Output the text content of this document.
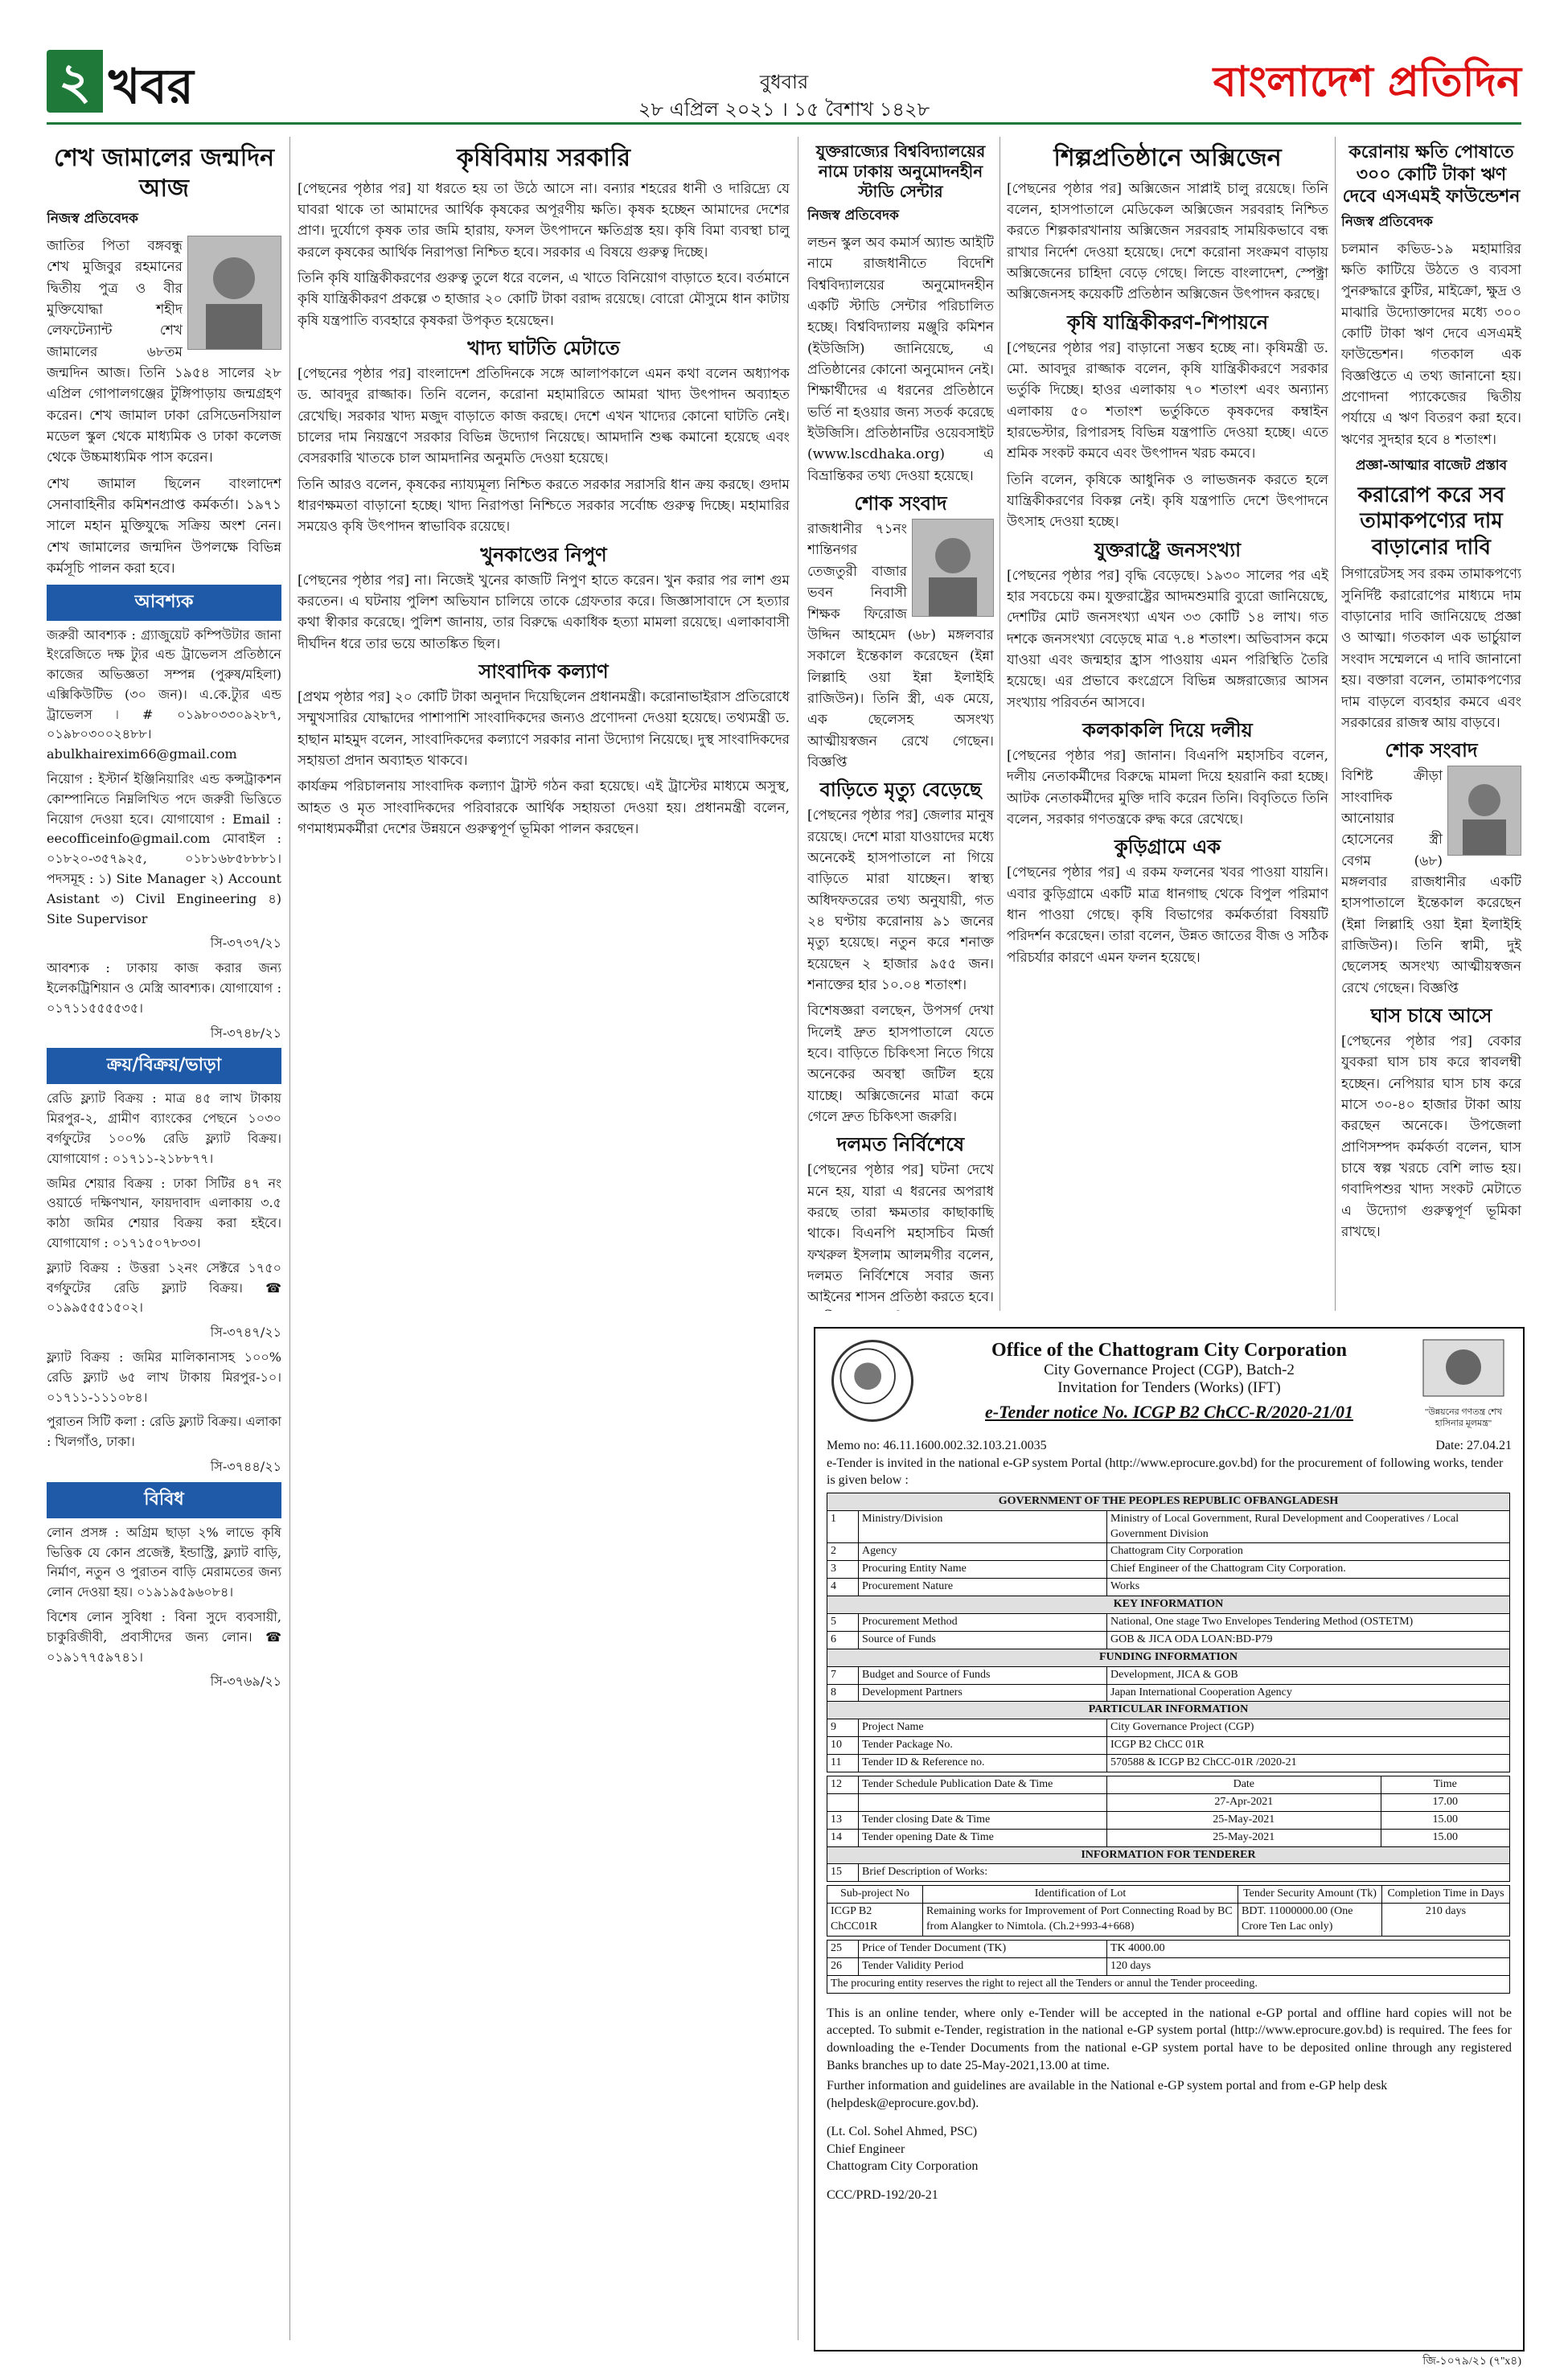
২ খবর	বুধবার
২৮ এপ্রিল ২০২১ । ১৫ বৈশাখ ১৪২৮
বাংলাদেশ প্রতিদিন
শেখ জামালের জন্মদিন আজ
নিজস্ব প্রতিবেদক

জাতির পিতা বঙ্গবন্ধু শেখ মুজিবুর রহমানের দ্বিতীয় পুত্র ও বীর মুক্তিযোদ্ধা শহীদ লেফটেন্যান্ট শেখ জামালের ৬৮তম জন্মদিন আজ। তিনি ১৯৫৪ সালের ২৮ এপ্রিল গোপালগঞ্জের টুঙ্গিপাড়ায় জন্মগ্রহণ করেন। শেখ জামাল ঢাকা রেসিডেনসিয়াল মডেল স্কুল থেকে মাধ্যমিক ও ঢাকা কলেজ থেকে উচ্চমাধ্যমিক পাস করেন।

শেখ জামাল ছিলেন বাংলাদেশ সেনাবাহিনীর কমিশনপ্রাপ্ত কর্মকর্তা। ১৯৭১ সালে মহান মুক্তিযুদ্ধে সক্রিয় অংশ নেন। শেখ জামালের জন্মদিন উপলক্ষে বিভিন্ন কর্মসূচি পালন করা হবে।

আবশ্যক

জরুরী আবশ্যক : গ্র্যাজুয়েট কম্পিউটার জানা ইংরেজিতে দক্ষ ট্যুর এন্ড ট্রাভেলস প্রতিষ্ঠানে কাজের অভিজ্ঞতা সম্পন্ন (পুরুষ/মহিলা) এক্সিকিউটিভ (৩০ জন)। এ.কে.ট্যুর এন্ড ট্রাভেলস ৷ # ০১৯৮০৩৩০৯২৮৭, ০১৯৮০৩০০২৪৮৮। abulkhairexim66@gmail.com

নিয়োগ : ইস্টার্ন ইঞ্জিনিয়ারিং এন্ড কন্সট্রাকশন কোম্পানিতে নিম্নলিখিত পদে জরুরী ভিত্তিতে নিয়োগ দেওয়া হবে। যোগাযোগ : Email : eecofficeinfo@gmail.com মোবাইল : ০১৮২০-৩৫৭৯২৫, ০১৮১৬৮৫৮৮৮১। পদসমূহ : ১) Site Manager ২) Account Asistant ৩) Civil Engineering ৪) Site Supervisor

সি-৩৭৩৭/২১

আবশ্যক : ঢাকায় কাজ করার জন্য ইলেকট্রিশিয়ান ও মেস্ত্রি আবশ্যক। যোগাযোগ : ০১৭১১৫৫৫৫৩৫।

সি-৩৭৪৮/২১

ক্রয়/বিক্রয়/ভাড়া

রেডি ফ্ল্যাট বিক্রয় : মাত্র ৪৫ লাখ টাকায় মিরপুর-২, গ্রামীণ ব্যাংকের পেছনে ১০৩০ বর্গফুটের ১০০% রেডি ফ্ল্যাট বিক্রয়। যোগাযোগ : ০১৭১১-২১৮৮৭৭।

জমির শেয়ার বিক্রয় : ঢাকা সিটির ৪৭ নং ওয়ার্ডে দক্ষিণখান, ফায়দাবাদ এলাকায় ৩.৫ কাঠা জমির শেয়ার বিক্রয় করা হইবে। যোগাযোগ : ০১৭১৫০৭৮৩৩।

ফ্ল্যাট বিক্রয় : উত্তরা ১২নং সেক্টরে ১৭৫০ বর্গফুটের রেডি ফ্ল্যাট বিক্রয়। ☎ ০১৯৯৫৫৫১৫০২।

সি-৩৭৪৭/২১

ফ্ল্যাট বিক্রয় : জমির মালিকানাসহ ১০০% রেডি ফ্ল্যাট ৬৫ লাখ টাকায় মিরপুর-১০। ০১৭১১-১১১০৮৪।

পুরাতন সিটি কলা : রেডি ফ্ল্যাট বিক্রয়। এলাকা : খিলগাঁও, ঢাকা।

সি-৩৭৪৪/২১

বিবিধ

লোন প্রসঙ্গ : অগ্রিম ছাড়া ২% লাভে কৃষি ভিত্তিক যে কোন প্রজেক্ট, ইন্ডাস্ট্রি, ফ্ল্যাট বাড়ি, নির্মাণ, নতুন ও পুরাতন বাড়ি মেরামতের জন্য লোন দেওয়া হয়। ০১৯১৯৫৯৬০৮৪।

বিশেষ লোন সুবিধা : বিনা সুদে ব্যবসায়ী, চাকুরিজীবী, প্রবাসীদের জন্য লোন। ☎ ০১৯১৭৭৫৯৭৪১।

সি-৩৭৬৯/২১

কৃষিবিমায় সরকারি

[পেছনের পৃষ্ঠার পর] যা ধরতে হয় তা উঠে আসে না। বন্যার শহরের ধানী ও দারিদ্র্যে যে ঘাবরা থাকে তা আমাদের আর্থিক কৃষকের অপূরণীয় ক্ষতি। কৃষক হচ্ছেন আমাদের দেশের প্রাণ। দুর্যোগে কৃষক তার জমি হারায়, ফসল উৎপাদনে ক্ষতিগ্রস্ত হয়। কৃষি বিমা ব্যবস্থা চালু করলে কৃষকের আর্থিক নিরাপত্তা নিশ্চিত হবে। সরকার এ বিষয়ে গুরুত্ব দিচ্ছে।

তিনি কৃষি যান্ত্রিকীকরণের গুরুত্ব তুলে ধরে বলেন, এ খাতে বিনিয়োগ বাড়াতে হবে। বর্তমানে কৃষি যান্ত্রিকীকরণ প্রকল্পে ৩ হাজার ২০ কোটি টাকা বরাদ্দ রয়েছে। বোরো মৌসুমে ধান কাটায় কৃষি যন্ত্রপাতি ব্যবহারে কৃষকরা উপকৃত হয়েছেন।

খাদ্য ঘাটতি মেটাতে

[পেছনের পৃষ্ঠার পর] বাংলাদেশ প্রতিদিনকে সঙ্গে আলাপকালে এমন কথা বলেন অধ্যাপক ড. আবদুর রাজ্জাক। তিনি বলেন, করোনা মহামারিতে আমরা খাদ্য উৎপাদন অব্যাহত রেখেছি। সরকার খাদ্য মজুদ বাড়াতে কাজ করছে। দেশে এখন খাদ্যের কোনো ঘাটতি নেই। চালের দাম নিয়ন্ত্রণে সরকার বিভিন্ন উদ্যোগ নিয়েছে। আমদানি শুল্ক কমানো হয়েছে এবং বেসরকারি খাতকে চাল আমদানির অনুমতি দেওয়া হয়েছে।

তিনি আরও বলেন, কৃষকের ন্যায্যমূল্য নিশ্চিত করতে সরকার সরাসরি ধান ক্রয় করছে। গুদাম ধারণক্ষমতা বাড়ানো হচ্ছে। খাদ্য নিরাপত্তা নিশ্চিতে সরকার সর্বোচ্চ গুরুত্ব দিচ্ছে। মহামারির সময়েও কৃষি উৎপাদন স্বাভাবিক রয়েছে।

খুনকাণ্ডের নিপুণ

[পেছনের পৃষ্ঠার পর] না। নিজেই খুনের কাজটি নিপুণ হাতে করেন। খুন করার পর লাশ গুম করতেন। এ ঘটনায় পুলিশ অভিযান চালিয়ে তাকে গ্রেফতার করে। জিজ্ঞাসাবাদে সে হত্যার কথা স্বীকার করেছে। পুলিশ জানায়, তার বিরুদ্ধে একাধিক হত্যা মামলা রয়েছে। এলাকাবাসী দীর্ঘদিন ধরে তার ভয়ে আতঙ্কিত ছিল।

সাংবাদিক কল্যাণ

[প্রথম পৃষ্ঠার পর] ২০ কোটি টাকা অনুদান দিয়েছিলেন প্রধানমন্ত্রী। করোনাভাইরাস প্রতিরোধে সম্মুখসারির যোদ্ধাদের পাশাপাশি সাংবাদিকদের জন্যও প্রণোদনা দেওয়া হয়েছে। তথ্যমন্ত্রী ড. হাছান মাহমুদ বলেন, সাংবাদিকদের কল্যাণে সরকার নানা উদ্যোগ নিয়েছে। দুস্থ সাংবাদিকদের সহায়তা প্রদান অব্যাহত থাকবে।

কার্যক্রম পরিচালনায় সাংবাদিক কল্যাণ ট্রাস্ট গঠন করা হয়েছে। এই ট্রাস্টের মাধ্যমে অসুস্থ, আহত ও মৃত সাংবাদিকদের পরিবারকে আর্থিক সহায়তা দেওয়া হয়। প্রধানমন্ত্রী বলেন, গণমাধ্যমকর্মীরা দেশের উন্নয়নে গুরুত্বপূর্ণ ভূমিকা পালন করছেন।

যুক্তরাজ্যের বিশ্ববিদ্যালয়ের নামে ঢাকায় অনুমোদনহীন স্টাডি সেন্টার
নিজস্ব প্রতিবেদক

লন্ডন স্কুল অব কমার্স অ্যান্ড আইটি নামে রাজধানীতে বিদেশি বিশ্ববিদ্যালয়ের অনুমোদনহীন একটি স্টাডি সেন্টার পরিচালিত হচ্ছে। বিশ্ববিদ্যালয় মঞ্জুরি কমিশন (ইউজিসি) জানিয়েছে, এ প্রতিষ্ঠানের কোনো অনুমোদন নেই। শিক্ষার্থীদের এ ধরনের প্রতিষ্ঠানে ভর্তি না হওয়ার জন্য সতর্ক করেছে ইউজিসি। প্রতিষ্ঠানটির ওয়েবসাইট (www.lscdhaka.org) এ বিভ্রান্তিকর তথ্য দেওয়া হয়েছে।

শোক সংবাদ

রাজধানীর ৭১নং শান্তিনগর তেজতুরী বাজার ভবন নিবাসী শিক্ষক ফিরোজ উদ্দিন আহমেদ (৬৮) মঙ্গলবার সকালে ইন্তেকাল করেছেন (ইন্না লিল্লাহি ওয়া ইন্না ইলাইহি রাজিউন)। তিনি স্ত্রী, এক মেয়ে, এক ছেলেসহ অসংখ্য আত্মীয়স্বজন রেখে গেছেন। বিজ্ঞপ্তি

বাড়িতে মৃত্যু বেড়েছে

[পেছনের পৃষ্ঠার পর] জেলার মানুষ রয়েছে। দেশে মারা যাওয়াদের মধ্যে অনেকেই হাসপাতালে না গিয়ে বাড়িতে মারা যাচ্ছেন। স্বাস্থ্য অধিদফতরের তথ্য অনুযায়ী, গত ২৪ ঘণ্টায় করোনায় ৯১ জনের মৃত্যু হয়েছে। নতুন করে শনাক্ত হয়েছেন ২ হাজার ৯৫৫ জন। শনাক্তের হার ১০.০৪ শতাংশ।

বিশেষজ্ঞরা বলছেন, উপসর্গ দেখা দিলেই দ্রুত হাসপাতালে যেতে হবে। বাড়িতে চিকিৎসা নিতে গিয়ে অনেকের অবস্থা জটিল হয়ে যাচ্ছে। অক্সিজেনের মাত্রা কমে গেলে দ্রুত চিকিৎসা জরুরি।

দলমত নির্বিশেষে

[পেছনের পৃষ্ঠার পর] ঘটনা দেখে মনে হয়, যারা এ ধরনের অপরাধ করছে তারা ক্ষমতার কাছাকাছি থাকে। বিএনপি মহাসচিব মির্জা ফখরুল ইসলাম আলমগীর বলেন, দলমত নির্বিশেষে সবার জন্য আইনের শাসন প্রতিষ্ঠা করতে হবে।

শিল্পপ্রতিষ্ঠানে অক্সিজেন

[পেছনের পৃষ্ঠার পর] অক্সিজেন সাপ্লাই চালু রয়েছে। তিনি বলেন, হাসপাতালে মেডিকেল অক্সিজেন সরবরাহ নিশ্চিত করতে শিল্পকারখানায় অক্সিজেন সরবরাহ সাময়িকভাবে বন্ধ রাখার নির্দেশ দেওয়া হয়েছে। দেশে করোনা সংক্রমণ বাড়ায় অক্সিজেনের চাহিদা বেড়ে গেছে। লিন্ডে বাংলাদেশ, স্পেক্ট্রা অক্সিজেনসহ কয়েকটি প্রতিষ্ঠান অক্সিজেন উৎপাদন করছে।

কৃষি যান্ত্রিকীকরণ-শিপায়নে

[পেছনের পৃষ্ঠার পর] বাড়ানো সম্ভব হচ্ছে না। কৃষিমন্ত্রী ড. মো. আবদুর রাজ্জাক বলেন, কৃষি যান্ত্রিকীকরণে সরকার ভর্তুকি দিচ্ছে। হাওর এলাকায় ৭০ শতাংশ এবং অন্যান্য এলাকায় ৫০ শতাংশ ভর্তুকিতে কৃষকদের কম্বাইন হারভেস্টার, রিপারসহ বিভিন্ন যন্ত্রপাতি দেওয়া হচ্ছে। এতে শ্রমিক সংকট কমবে এবং উৎপাদন খরচ কমবে।

তিনি বলেন, কৃষিকে আধুনিক ও লাভজনক করতে হলে যান্ত্রিকীকরণের বিকল্প নেই। কৃষি যন্ত্রপাতি দেশে উৎপাদনে উৎসাহ দেওয়া হচ্ছে।

যুক্তরাষ্ট্রে জনসংখ্যা

[পেছনের পৃষ্ঠার পর] বৃদ্ধি বেড়েছে। ১৯৩০ সালের পর এই হার সবচেয়ে কম। যুক্তরাষ্ট্রের আদমশুমারি ব্যুরো জানিয়েছে, দেশটির মোট জনসংখ্যা এখন ৩৩ কোটি ১৪ লাখ। গত দশকে জনসংখ্যা বেড়েছে মাত্র ৭.৪ শতাংশ। অভিবাসন কমে যাওয়া এবং জন্মহার হ্রাস পাওয়ায় এমন পরিস্থিতি তৈরি হয়েছে। এর প্রভাবে কংগ্রেসে বিভিন্ন অঙ্গরাজ্যের আসন সংখ্যায় পরিবর্তন আসবে।

কলকাকলি দিয়ে দলীয়

[পেছনের পৃষ্ঠার পর] জানান। বিএনপি মহাসচিব বলেন, দলীয় নেতাকর্মীদের বিরুদ্ধে মামলা দিয়ে হয়রানি করা হচ্ছে। আটক নেতাকর্মীদের মুক্তি দাবি করেন তিনি। বিবৃতিতে তিনি বলেন, সরকার গণতন্ত্রকে রুদ্ধ করে রেখেছে।

কুড়িগ্রামে এক

[পেছনের পৃষ্ঠার পর] এ রকম ফলনের খবর পাওয়া যায়নি। এবার কুড়িগ্রামে একটি মাত্র ধানগাছ থেকে বিপুল পরিমাণ ধান পাওয়া গেছে। কৃষি বিভাগের কর্মকর্তারা বিষয়টি পরিদর্শন করেছেন। তারা বলেন, উন্নত জাতের বীজ ও সঠিক পরিচর্যার কারণে এমন ফলন হয়েছে।

করোনায় ক্ষতি পোষাতে ৩০০ কোটি টাকা ঋণ দেবে এসএমই ফাউন্ডেশন
নিজস্ব প্রতিবেদক

চলমান কভিড-১৯ মহামারির ক্ষতি কাটিয়ে উঠতে ও ব্যবসা পুনরুদ্ধারে কুটির, মাইক্রো, ক্ষুদ্র ও মাঝারি উদ্যোক্তাদের মধ্যে ৩০০ কোটি টাকা ঋণ দেবে এসএমই ফাউন্ডেশন। গতকাল এক বিজ্ঞপ্তিতে এ তথ্য জানানো হয়। প্রণোদনা প্যাকেজের দ্বিতীয় পর্যায়ে এ ঋণ বিতরণ করা হবে। ঋণের সুদহার হবে ৪ শতাংশ।

প্রজ্ঞা-আত্মার বাজেট প্রস্তাব
করারোপ করে সব তামাকপণ্যের দাম বাড়ানোর দাবি

সিগারেটসহ সব রকম তামাকপণ্যে সুনির্দিষ্ট করারোপের মাধ্যমে দাম বাড়ানোর দাবি জানিয়েছে প্রজ্ঞা ও আত্মা। গতকাল এক ভার্চুয়াল সংবাদ সম্মেলনে এ দাবি জানানো হয়। বক্তারা বলেন, তামাকপণ্যের দাম বাড়লে ব্যবহার কমবে এবং সরকারের রাজস্ব আয় বাড়বে।

শোক সংবাদ

বিশিষ্ট ক্রীড়া সাংবাদিক আনোয়ার হোসেনের স্ত্রী বেগম (৬৮) মঙ্গলবার রাজধানীর একটি হাসপাতালে ইন্তেকাল করেছেন (ইন্না লিল্লাহি ওয়া ইন্না ইলাইহি রাজিউন)। তিনি স্বামী, দুই ছেলেসহ অসংখ্য আত্মীয়স্বজন রেখে গেছেন। বিজ্ঞপ্তি

ঘাস চাষে আসে

[পেছনের পৃষ্ঠার পর] বেকার যুবকরা ঘাস চাষ করে স্বাবলম্বী হচ্ছেন। নেপিয়ার ঘাস চাষ করে মাসে ৩০-৪০ হাজার টাকা আয় করছেন অনেকে। উপজেলা প্রাণিসম্পদ কর্মকর্তা বলেন, ঘাস চাষে স্বল্প খরচে বেশি লাভ হয়। গবাদিপশুর খাদ্য সংকট মেটাতে এ উদ্যোগ গুরুত্বপূর্ণ ভূমিকা রাখছে।

"উন্নয়নের গণতন্ত্র শেখ হাসিনার মূলমন্ত্র"
Office of the Chattogram City Corporation
City Governance Project (CGP), Batch-2
Invitation for Tenders (Works) (IFT)
e-Tender notice No. ICGP B2 ChCC-R/2020-21/01
Memo no: 46.11.1600.002.32.103.21.0035	Date: 27.04.21
e-Tender is invited in the national e-GP system Portal (http://www.eprocure.gov.bd) for the procurement of following works, tender is given below :
GOVERNMENT OF THE PEOPLES REPUBLIC OFBANGLADESH		
1	Ministry/Division	Ministry of Local Government, Rural Development and Cooperatives / Local Government Division
2	Agency	Chattogram City Corporation
3	Procuring Entity Name	Chief Engineer of the Chattogram City Corporation.
4	Procurement Nature	Works
KEY INFORMATION		
5	Procurement Method	National, One stage Two Envelopes Tendering Method (OSTETM)
6	Source of Funds	GOB & JICA ODA LOAN:BD-P79
FUNDING INFORMATION		
7	Budget and Source of Funds	Development, JICA & GOB
8	Development Partners	Japan International Cooperation Agency
PARTICULAR INFORMATION		
9	Project Name	City Governance Project (CGP)
10	Tender Package No.	ICGP B2 ChCC 01R
11	Tender ID & Reference no.	570588 & ICGP B2 ChCC-01R /2020-21
12	Tender Schedule Publication Date & Time	Date	Time
		27-Apr-2021	17.00
13	Tender closing Date & Time	25-May-2021	15.00
14	Tender opening Date & Time	25-May-2021	15.00
INFORMATION FOR TENDERER			
15	Brief Description of Works:		
Sub-project No	Identification of Lot	Tender Security Amount (Tk)	Completion Time in Days
ICGP B2 ChCC01R	Remaining works for Improvement of Port Connecting Road by BC from Alangker to Nimtola. (Ch.2+993-4+668)	BDT. 11000000.00 (One Crore Ten Lac only)	210 days
25	Price of Tender Document (TK)	TK 4000.00
26	Tender Validity Period	120 days
The procuring entity reserves the right to reject all the Tenders or annul the Tender proceeding.		
This is an online tender, where only e-Tender will be accepted in the national e-GP portal and offline hard copies will not be accepted. To submit e-Tender, registration in the national e-GP system portal (http://www.eprocure.gov.bd) is required. The fees for downloading the e-Tender Documents from the national e-GP system portal have to be deposited online through any registered Banks branches up to date 25-May-2021,13.00 at time.
Further information and guidelines are available in the National e-GP system portal and from e-GP help desk (helpdesk@eprocure.gov.bd).
(Lt. Col. Sohel Ahmed, PSC)
Chief Engineer
Chattogram City Corporation
CCC/PRD-192/20-21
জি-১০৭৯/২১ (৭''x৪)
